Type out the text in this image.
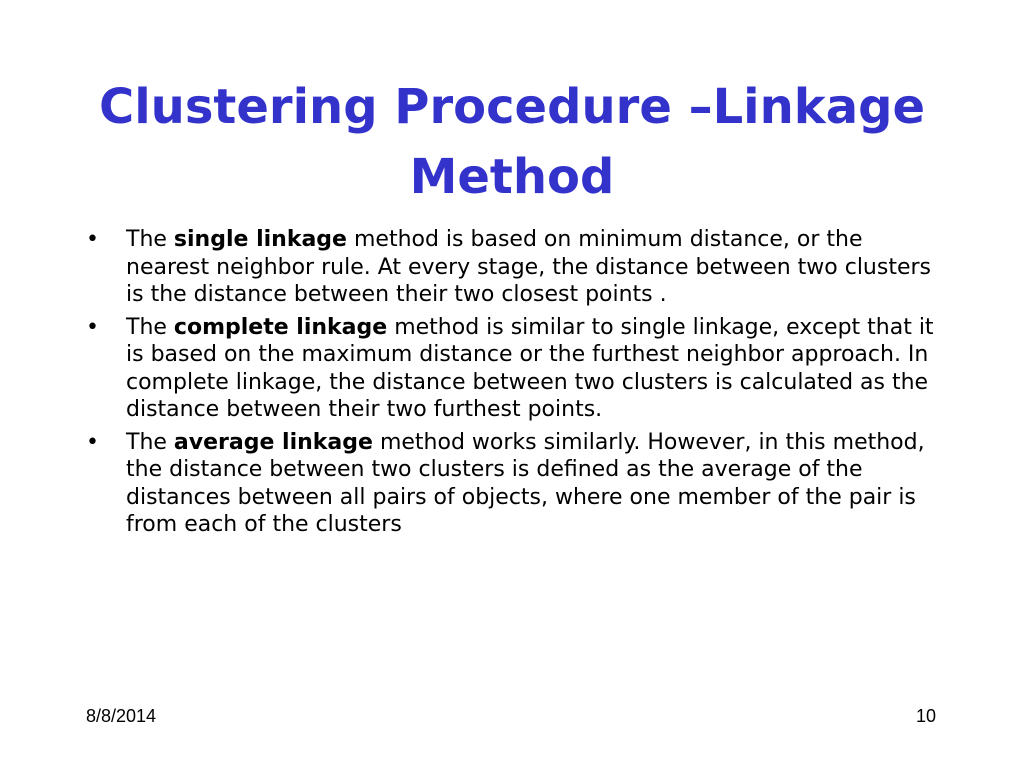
Clustering Procedure –Linkage Method
• The single linkage method is based on minimum distance, or the nearest neighbor rule. At every stage, the distance between two clusters is the distance between their two closest points .
• The complete linkage method is similar to single linkage, except that it is based on the maximum distance or the furthest neighbor approach. In complete linkage, the distance between two clusters is calculated as the distance between their two furthest points.
• The average linkage method works similarly. However, in this method, the distance between two clusters is defined as the average of the distances between all pairs of objects, where one member of the pair is from each of the clusters
8/8/2014	10
